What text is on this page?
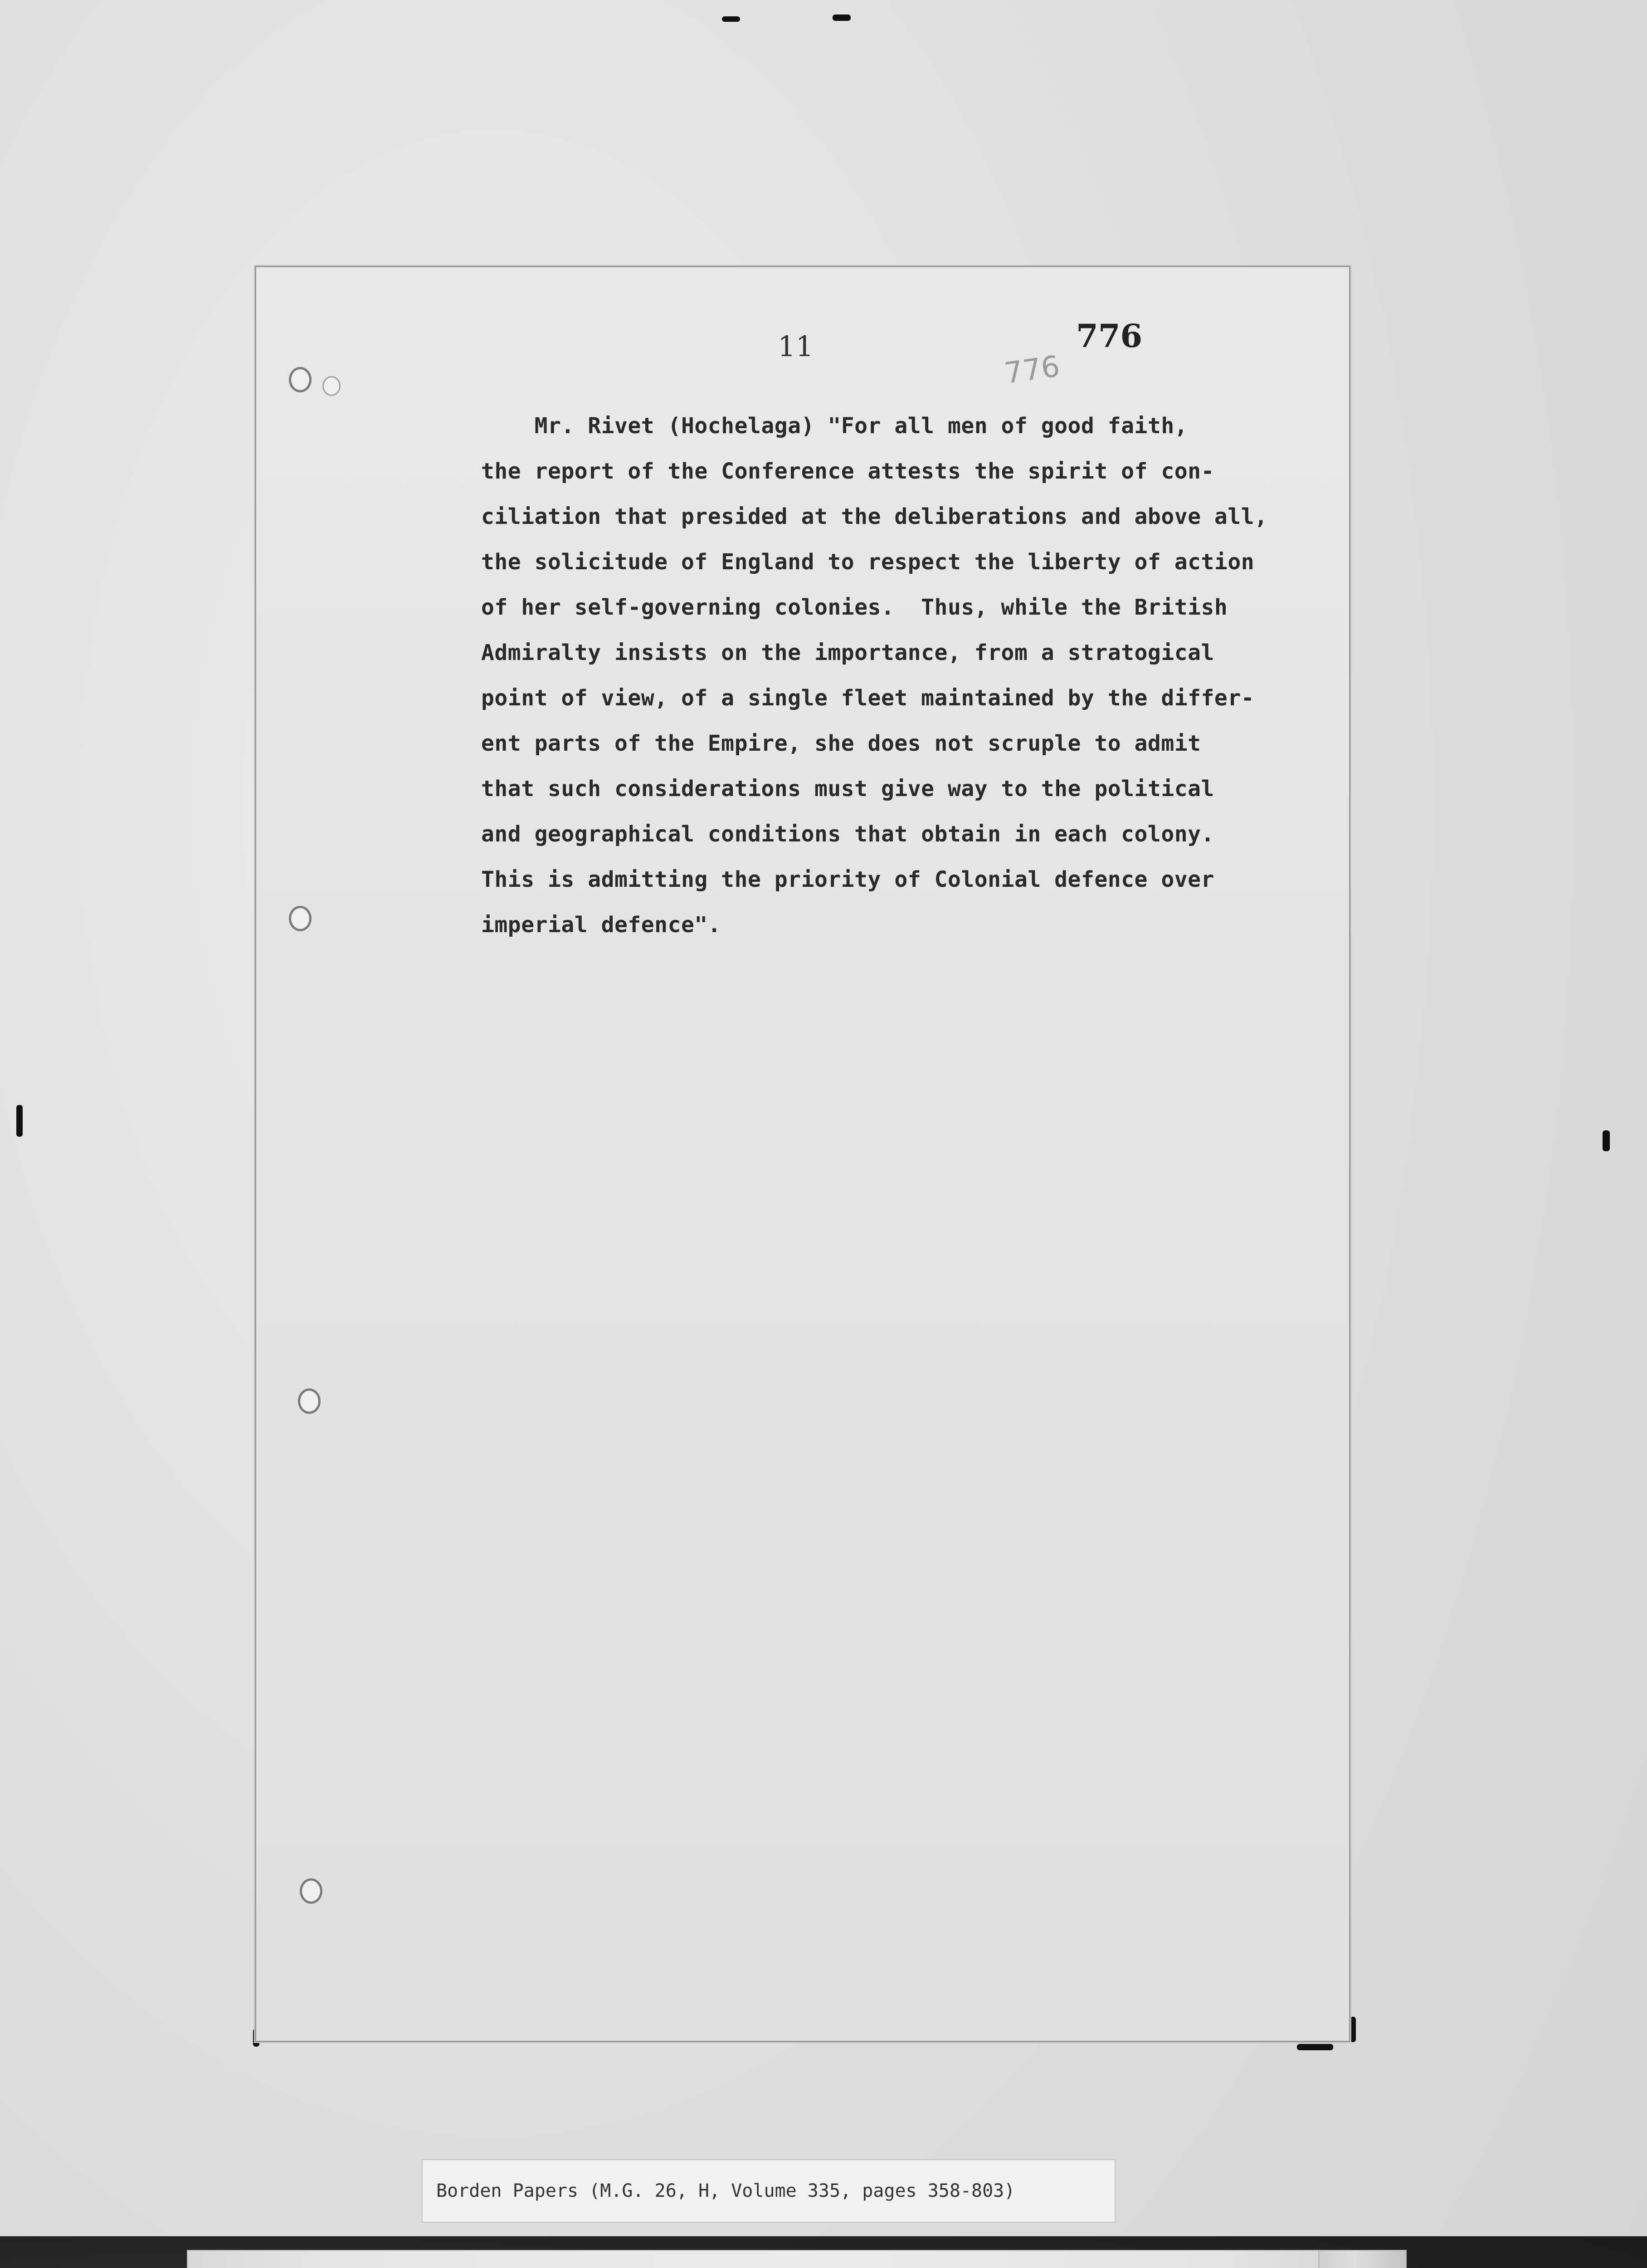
11	776
776
Mr. Rivet (Hochelaga) "For all men of good faith,
the report of the Conference attests the spirit of con-
ciliation that presided at the deliberations and above all,
the solicitude of England to respect the liberty of action
of her self-governing colonies.  Thus, while the British
Admiralty insists on the importance, from a stratogical
point of view, of a single fleet maintained by the differ-
ent parts of the Empire, she does not scruple to admit
that such considerations must give way to the political
and geographical conditions that obtain in each colony.
This is admitting the priority of Colonial defence over
imperial defence".
Borden Papers (M.G. 26, H, Volume 335, pages 358-803)
